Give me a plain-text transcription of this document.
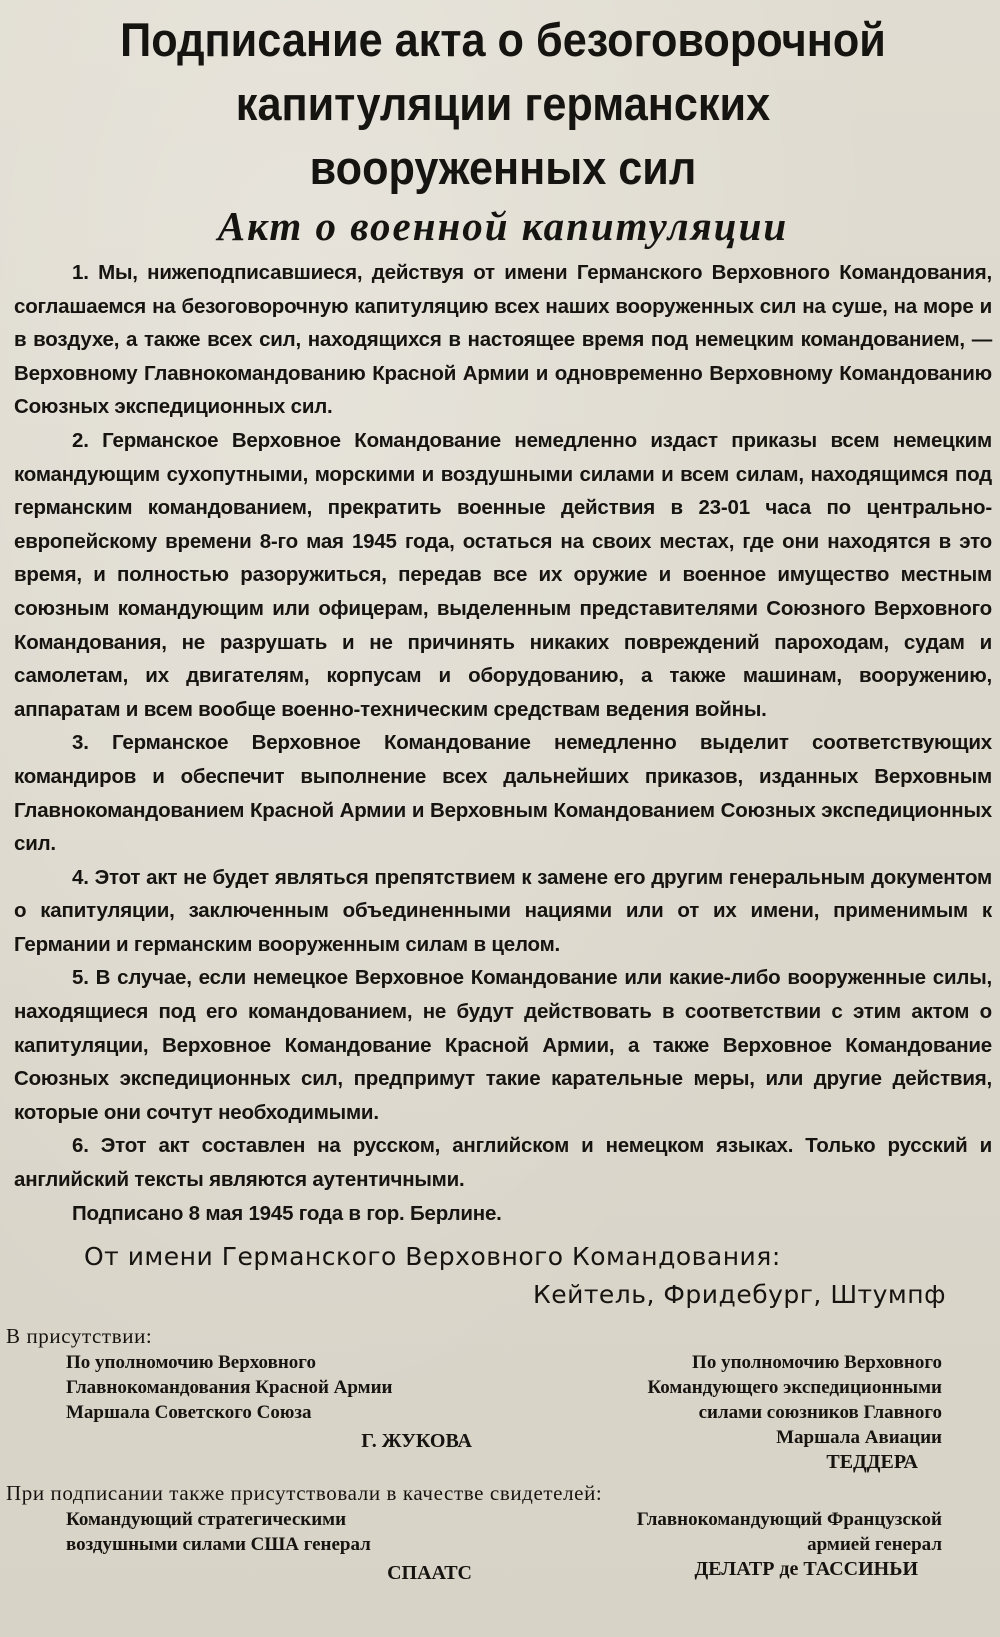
Подписание акта о безоговорочной
капитуляции германских
вооруженных сил
Акт о военной капитуляции

1. Мы, нижеподписавшиеся, действуя от имени Германского Верховного Командования, соглашаемся на безоговорочную капитуляцию всех наших вооруженных сил на суше, на море и в воздухе, а также всех сил, находящихся в настоящее время под немецким командованием, — Верховному Главнокомандованию Красной Армии и одновременно Верховному Командованию Союзных экспедиционных сил.

2. Германское Верховное Командование немедленно издаст приказы всем немецким командующим сухопутными, морскими и воздушными силами и всем силам, находящимся под германским командованием, прекратить военные действия в 23-01 часа по центрально-европейскому времени 8-го мая 1945 года, остаться на своих местах, где они находятся в это время, и полностью разоружиться, передав все их оружие и военное имущество местным союзным командующим или офицерам, выделенным представителями Союзного Верховного Командования, не разрушать и не причинять никаких повреждений пароходам, судам и самолетам, их двигателям, корпусам и оборудованию, а также машинам, вооружению, аппаратам и всем вообще военно-техническим средствам ведения войны.

3. Германское Верховное Командование немедленно выделит соответствующих командиров и обеспечит выполнение всех дальнейших приказов, изданных Верховным Главнокомандованием Красной Армии и Верховным Командованием Союзных экспедиционных сил.

4. Этот акт не будет являться препятствием к замене его другим генеральным документом о капитуляции, заключенным объединенными нациями или от их имени, применимым к Германии и германским вооруженным силам в целом.

5. В случае, если немецкое Верховное Командование или какие-либо вооруженные силы, находящиеся под его командованием, не будут действовать в соответствии с этим актом о капитуляции, Верховное Командование Красной Армии, а также Верховное Командование Союзных экспедиционных сил, предпримут такие карательные меры, или другие действия, которые они сочтут необходимыми.

6. Этот акт составлен на русском, английском и немецком языках. Только русский и английский тексты являются аутентичными.

Подписано 8 мая 1945 года в гор. Берлине.

От имени Германского Верховного Командования:
Кейтель, Фридебург, Штумпф
В присутствии:
По уполномочию Верховного
Главнокомандования Красной Армии
Маршала Советского Союза
Г. ЖУКОВА
По уполномочию Верховного
Командующего экспедиционными
силами союзников Главного
Маршала Авиации
ТЕДДЕРА
При подписании также присутствовали в качестве свидетелей:
Командующий стратегическими
воздушными силами США генерал
СПААТС
Главнокомандующий Французской
армией генерал
ДЕЛАТР де ТАССИНЬИ
